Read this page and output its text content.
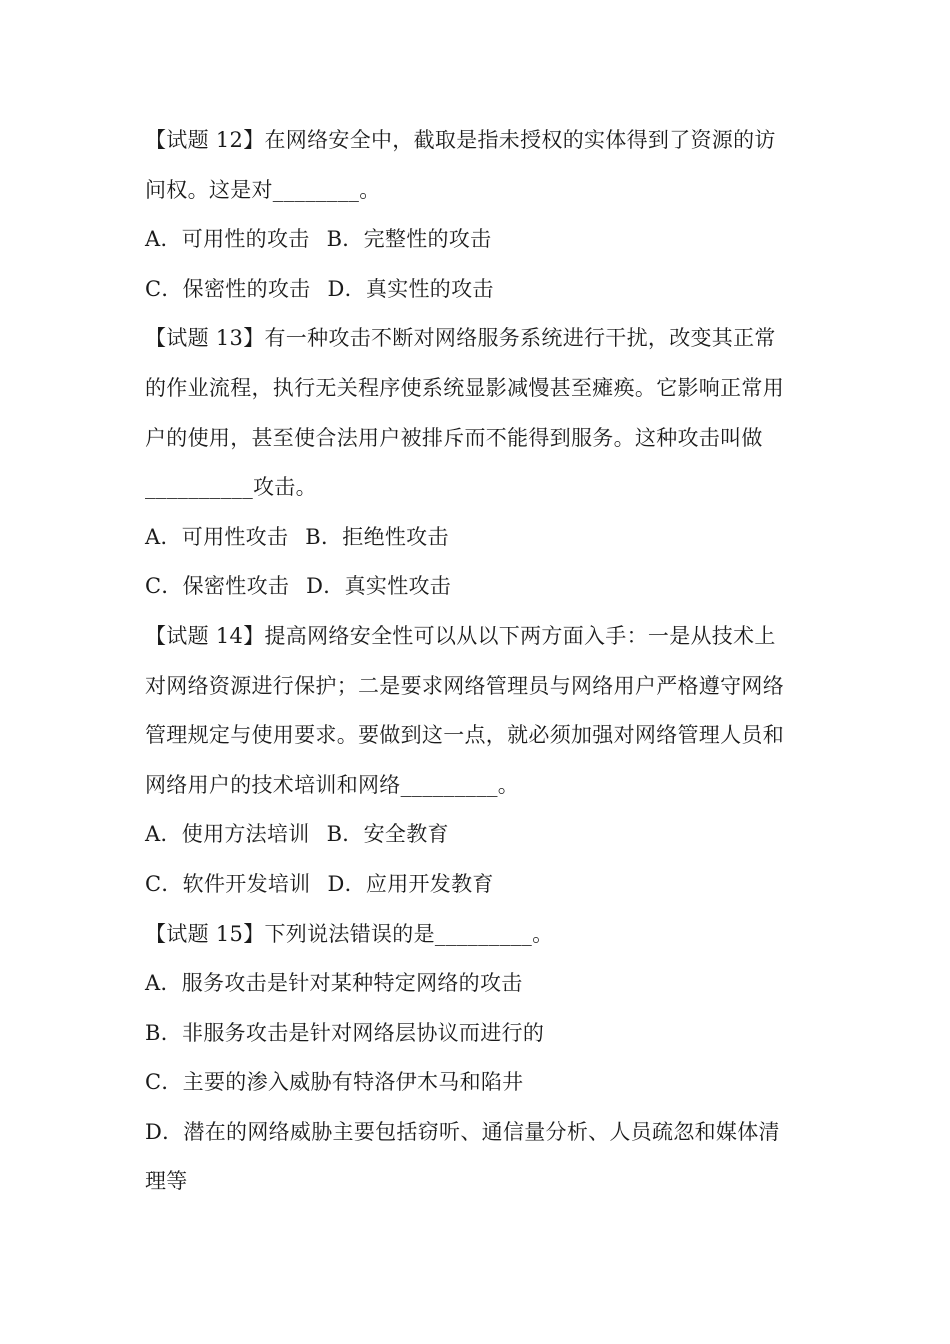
【试题 12】在网络安全中，截取是指未授权的实体得到了资源的访
问权。这是对________。
A．可用性的攻击 B．完整性的攻击
C．保密性的攻击 D．真实性的攻击
【试题 13】有一种攻击不断对网络服务系统进行干扰，改变其正常
的作业流程，执行无关程序使系统显影减慢甚至瘫痪。它影响正常用
户的使用，甚至使合法用户被排斥而不能得到服务。这种攻击叫做
__________攻击。
A．可用性攻击 B．拒绝性攻击
C．保密性攻击 D．真实性攻击
【试题 14】提高网络安全性可以从以下两方面入手：一是从技术上
对网络资源进行保护；二是要求网络管理员与网络用户严格遵守网络
管理规定与使用要求。要做到这一点，就必须加强对网络管理人员和
网络用户的技术培训和网络_________。
A．使用方法培训 B．安全教育
C．软件开发培训 D．应用开发教育
【试题 15】下列说法错误的是_________。
A．服务攻击是针对某种特定网络的攻击
B．非服务攻击是针对网络层协议而进行的
C．主要的渗入威胁有特洛伊木马和陷井
D．潜在的网络威胁主要包括窃听、通信量分析、人员疏忽和媒体清
理等
